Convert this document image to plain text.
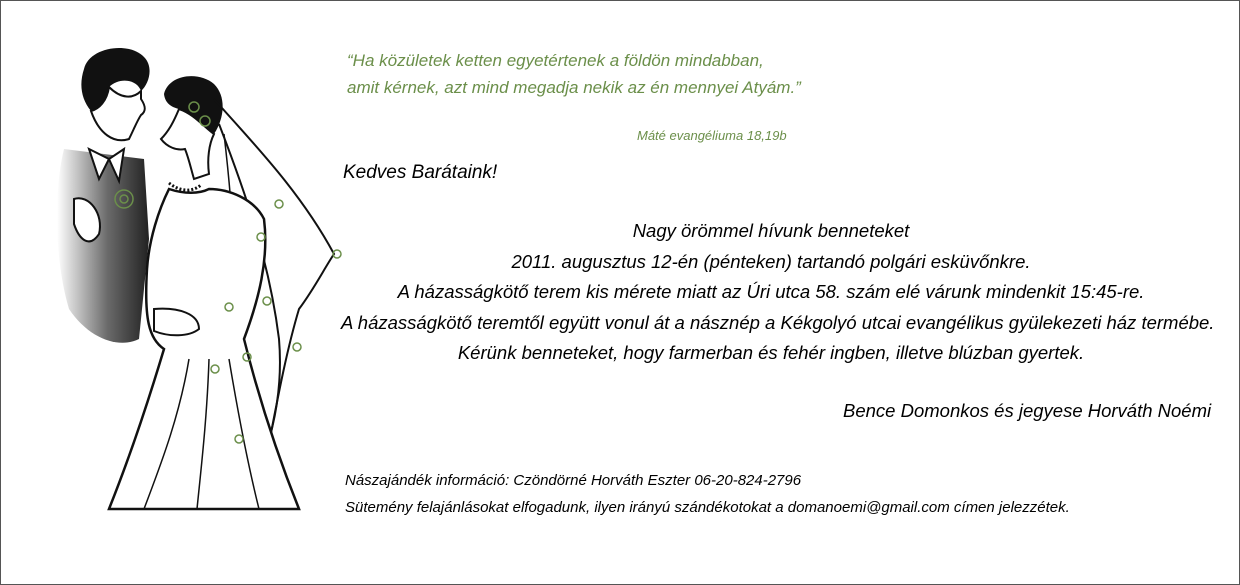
“Ha közületek ketten egyetértenek a földön mindabban,
amit kérnek, azt mind megadja nekik az én mennyei Atyám.”
Máté evangéliuma 18,19b
Kedves Barátaink!
Nagy örömmel hívunk benneteket
2011. augusztus 12-én (pénteken) tartandó polgári esküvőnkre.
A házasságkötő terem kis mérete miatt az Úri utca 58. szám elé várunk mindenkit 15:45-re.
A házasságkötő teremtől együtt vonul át a násznép a Kékgolyó utcai evangélikus gyülekezeti ház termébe.
Kérünk benneteket, hogy farmerban és fehér ingben, illetve blúzban gyertek.
Bence Domonkos és jegyese Horváth Noémi
Nászajándék információ: Czöndörné Horváth Eszter 06-20-824-2796
Sütemény felajánlásokat elfogadunk, ilyen irányú szándékotokat a domanoemi@gmail.com címen jelezzétek.
